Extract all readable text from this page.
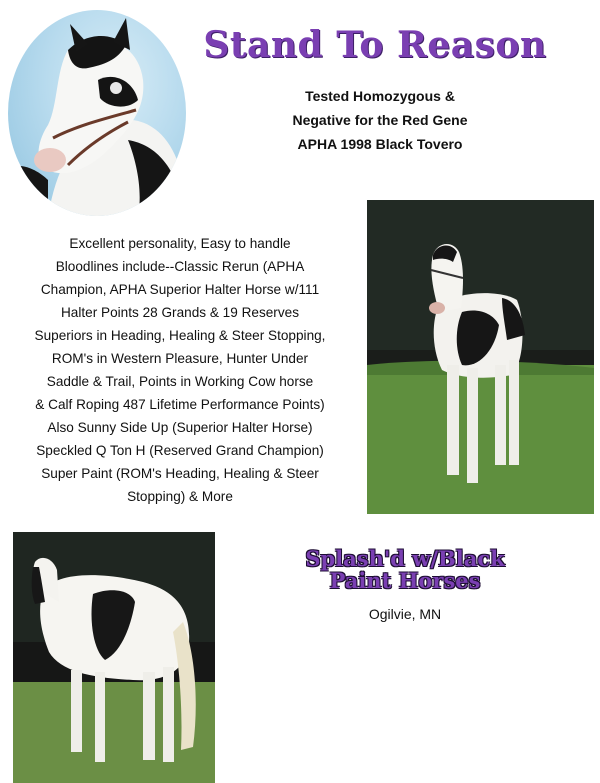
Stand To Reason
Tested Homozygous &
Negative for the Red Gene
APHA 1998 Black Tovero
Excellent personality, Easy to handle
Bloodlines include--Classic Rerun (APHA
Champion, APHA Superior Halter Horse w/111
Halter Points 28 Grands & 19 Reserves
Superiors in Heading, Healing & Steer Stopping,
ROM's in Western Pleasure, Hunter Under
Saddle & Trail, Points in Working Cow horse
& Calf Roping 487 Lifetime Performance Points)
Also Sunny Side Up (Superior Halter Horse)
Speckled Q Ton H (Reserved Grand Champion)
Super Paint (ROM's Heading, Healing & Steer
Stopping) & More
Splash'd w/Black
Paint Horses
Ogilvie, MN
